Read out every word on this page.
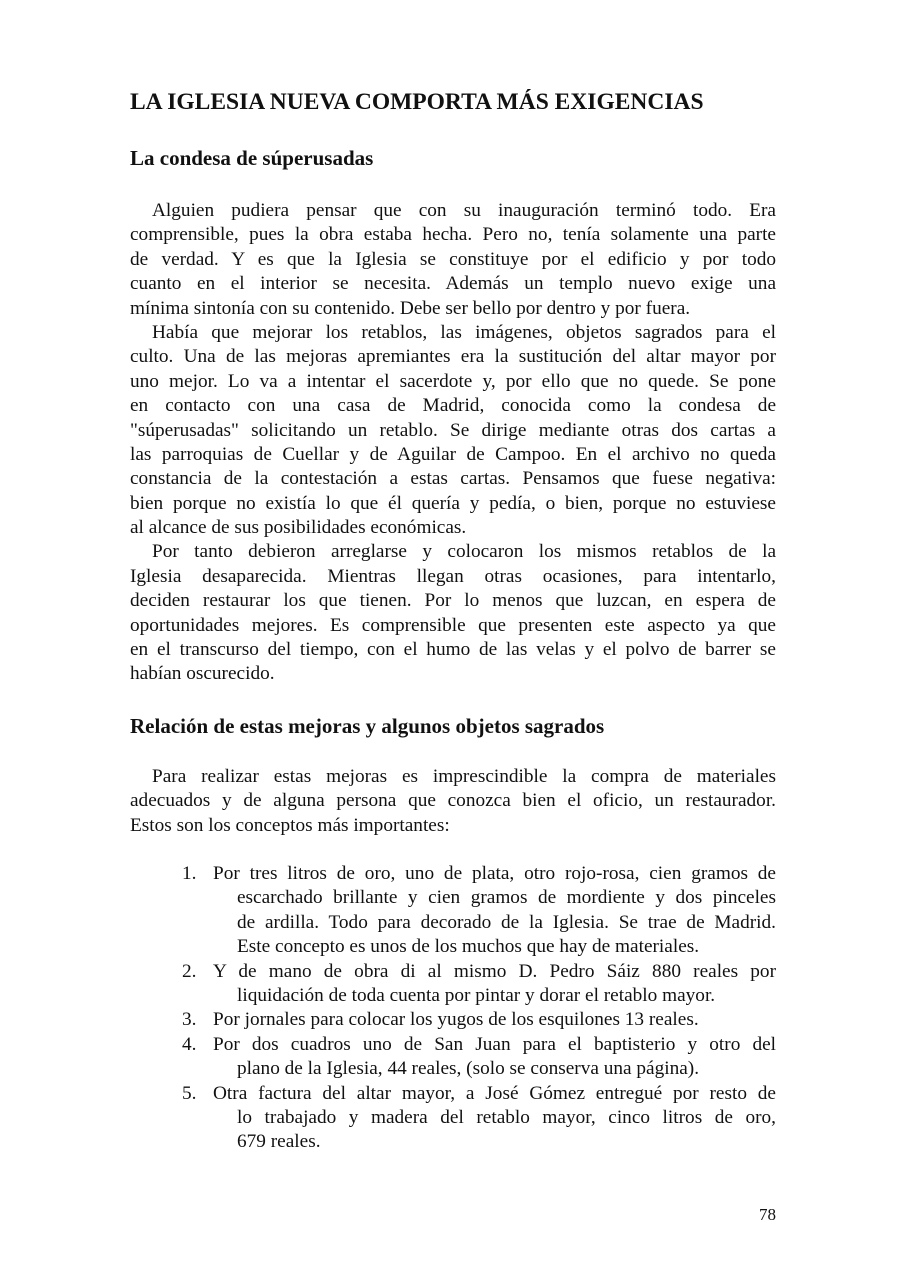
LA IGLESIA NUEVA COMPORTA MÁS EXIGENCIAS
La condesa de súperusadas
Alguien pudiera pensar que con su inauguración terminó todo. Era
comprensible, pues la obra estaba hecha. Pero no, tenía solamente una parte
de verdad. Y es que la Iglesia se constituye por el edificio y por todo
cuanto en el interior se necesita. Además un templo nuevo exige una
mínima sintonía con su contenido. Debe ser bello por dentro y por fuera.
Había que mejorar los retablos, las imágenes, objetos sagrados para el
culto. Una de las mejoras apremiantes era la sustitución del altar mayor por
uno mejor. Lo va a intentar el sacerdote y, por ello que no quede. Se pone
en contacto con una casa de Madrid, conocida como la condesa de
"súperusadas" solicitando un retablo. Se dirige mediante otras dos cartas a
las parroquias de Cuellar y de Aguilar de Campoo. En el archivo no queda
constancia de la contestación a estas cartas. Pensamos que fuese negativa:
bien porque no existía lo que él quería y pedía, o bien, porque no estuviese
al alcance de sus posibilidades económicas.
Por tanto debieron arreglarse y colocaron los mismos retablos de la
Iglesia desaparecida. Mientras llegan otras ocasiones, para intentarlo,
deciden restaurar los que tienen. Por lo menos que luzcan, en espera de
oportunidades mejores. Es comprensible que presenten este aspecto ya que
en el transcurso del tiempo, con el humo de las velas y el polvo de barrer se
habían oscurecido.
Relación de estas mejoras y algunos objetos sagrados
Para realizar estas mejoras es imprescindible la compra de materiales
adecuados y de alguna persona que conozca bien el oficio, un restaurador.
Estos son los conceptos más importantes:
1. Por tres litros de oro, uno de plata, otro rojo-rosa, cien gramos de
escarchado brillante y cien gramos de mordiente y dos pinceles
de ardilla. Todo para decorado de la Iglesia. Se trae de Madrid.
Este concepto es unos de los muchos que hay de materiales.
2. Y de mano de obra di al mismo D. Pedro Sáiz 880 reales por
liquidación de toda cuenta por pintar y dorar el retablo mayor.
3. Por jornales para colocar los yugos de los esquilones 13 reales.
4. Por dos cuadros uno de San Juan para el baptisterio y otro del
plano de la Iglesia, 44 reales, (solo se conserva una página).
5. Otra factura del altar mayor, a José Gómez entregué por resto de
lo trabajado y madera del retablo mayor, cinco litros de oro,
679 reales.
78
